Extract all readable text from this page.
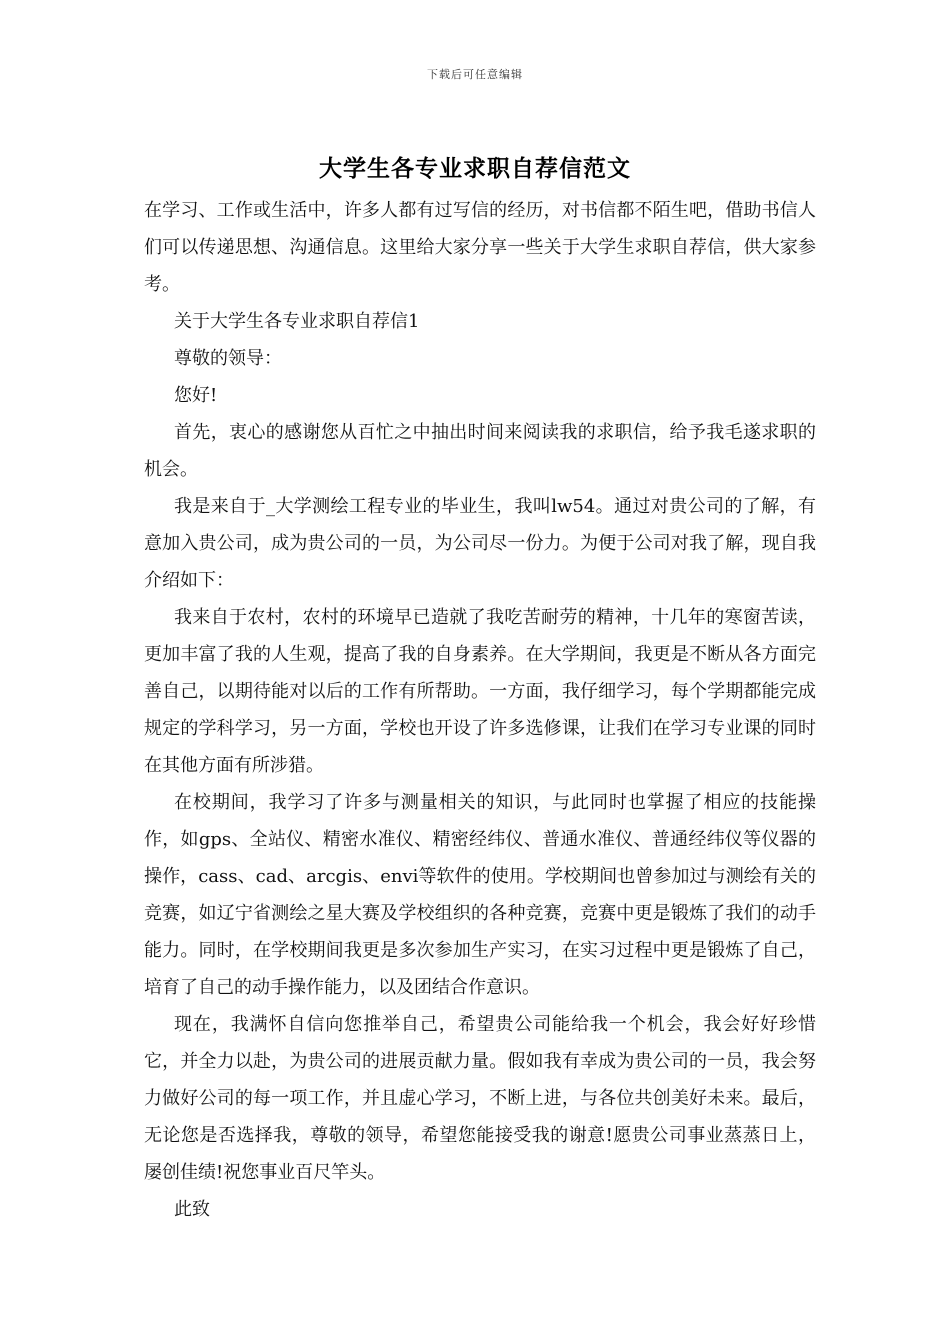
下载后可任意编辑
大学生各专业求职自荐信范文

在学习、工作或生活中，许多人都有过写信的经历，对书信都不陌生吧，借助书信人们可以传递思想、沟通信息。这里给大家分享一些关于大学生求职自荐信，供大家参考。

关于大学生各专业求职自荐信1

尊敬的领导：

您好!

首先，衷心的感谢您从百忙之中抽出时间来阅读我的求职信，给予我毛遂求职的机会。

我是来自于_大学测绘工程专业的毕业生，我叫lw54。通过对贵公司的了解，有意加入贵公司，成为贵公司的一员，为公司尽一份力。为便于公司对我了解，现自我介绍如下：

我来自于农村，农村的环境早已造就了我吃苦耐劳的精神，十几年的寒窗苦读，更加丰富了我的人生观，提高了我的自身素养。在大学期间，我更是不断从各方面完善自己，以期待能对以后的工作有所帮助。一方面，我仔细学习，每个学期都能完成规定的学科学习，另一方面，学校也开设了许多选修课，让我们在学习专业课的同时在其他方面有所涉猎。

在校期间，我学习了许多与测量相关的知识，与此同时也掌握了相应的技能操作，如gps、全站仪、精密水准仪、精密经纬仪、普通水准仪、普通经纬仪等仪器的操作，cass、cad、arcgis、envi等软件的使用。学校期间也曾参加过与测绘有关的竞赛，如辽宁省测绘之星大赛及学校组织的各种竞赛，竞赛中更是锻炼了我们的动手能力。同时，在学校期间我更是多次参加生产实习，在实习过程中更是锻炼了自己，培育了自己的动手操作能力，以及团结合作意识。

现在，我满怀自信向您推举自己，希望贵公司能给我一个机会，我会好好珍惜它，并全力以赴，为贵公司的进展贡献力量。假如我有幸成为贵公司的一员，我会努力做好公司的每一项工作，并且虚心学习，不断上进，与各位共创美好未来。最后，无论您是否选择我，尊敬的领导，希望您能接受我的谢意!愿贵公司事业蒸蒸日上，屡创佳绩!祝您事业百尺竿头。

此致
